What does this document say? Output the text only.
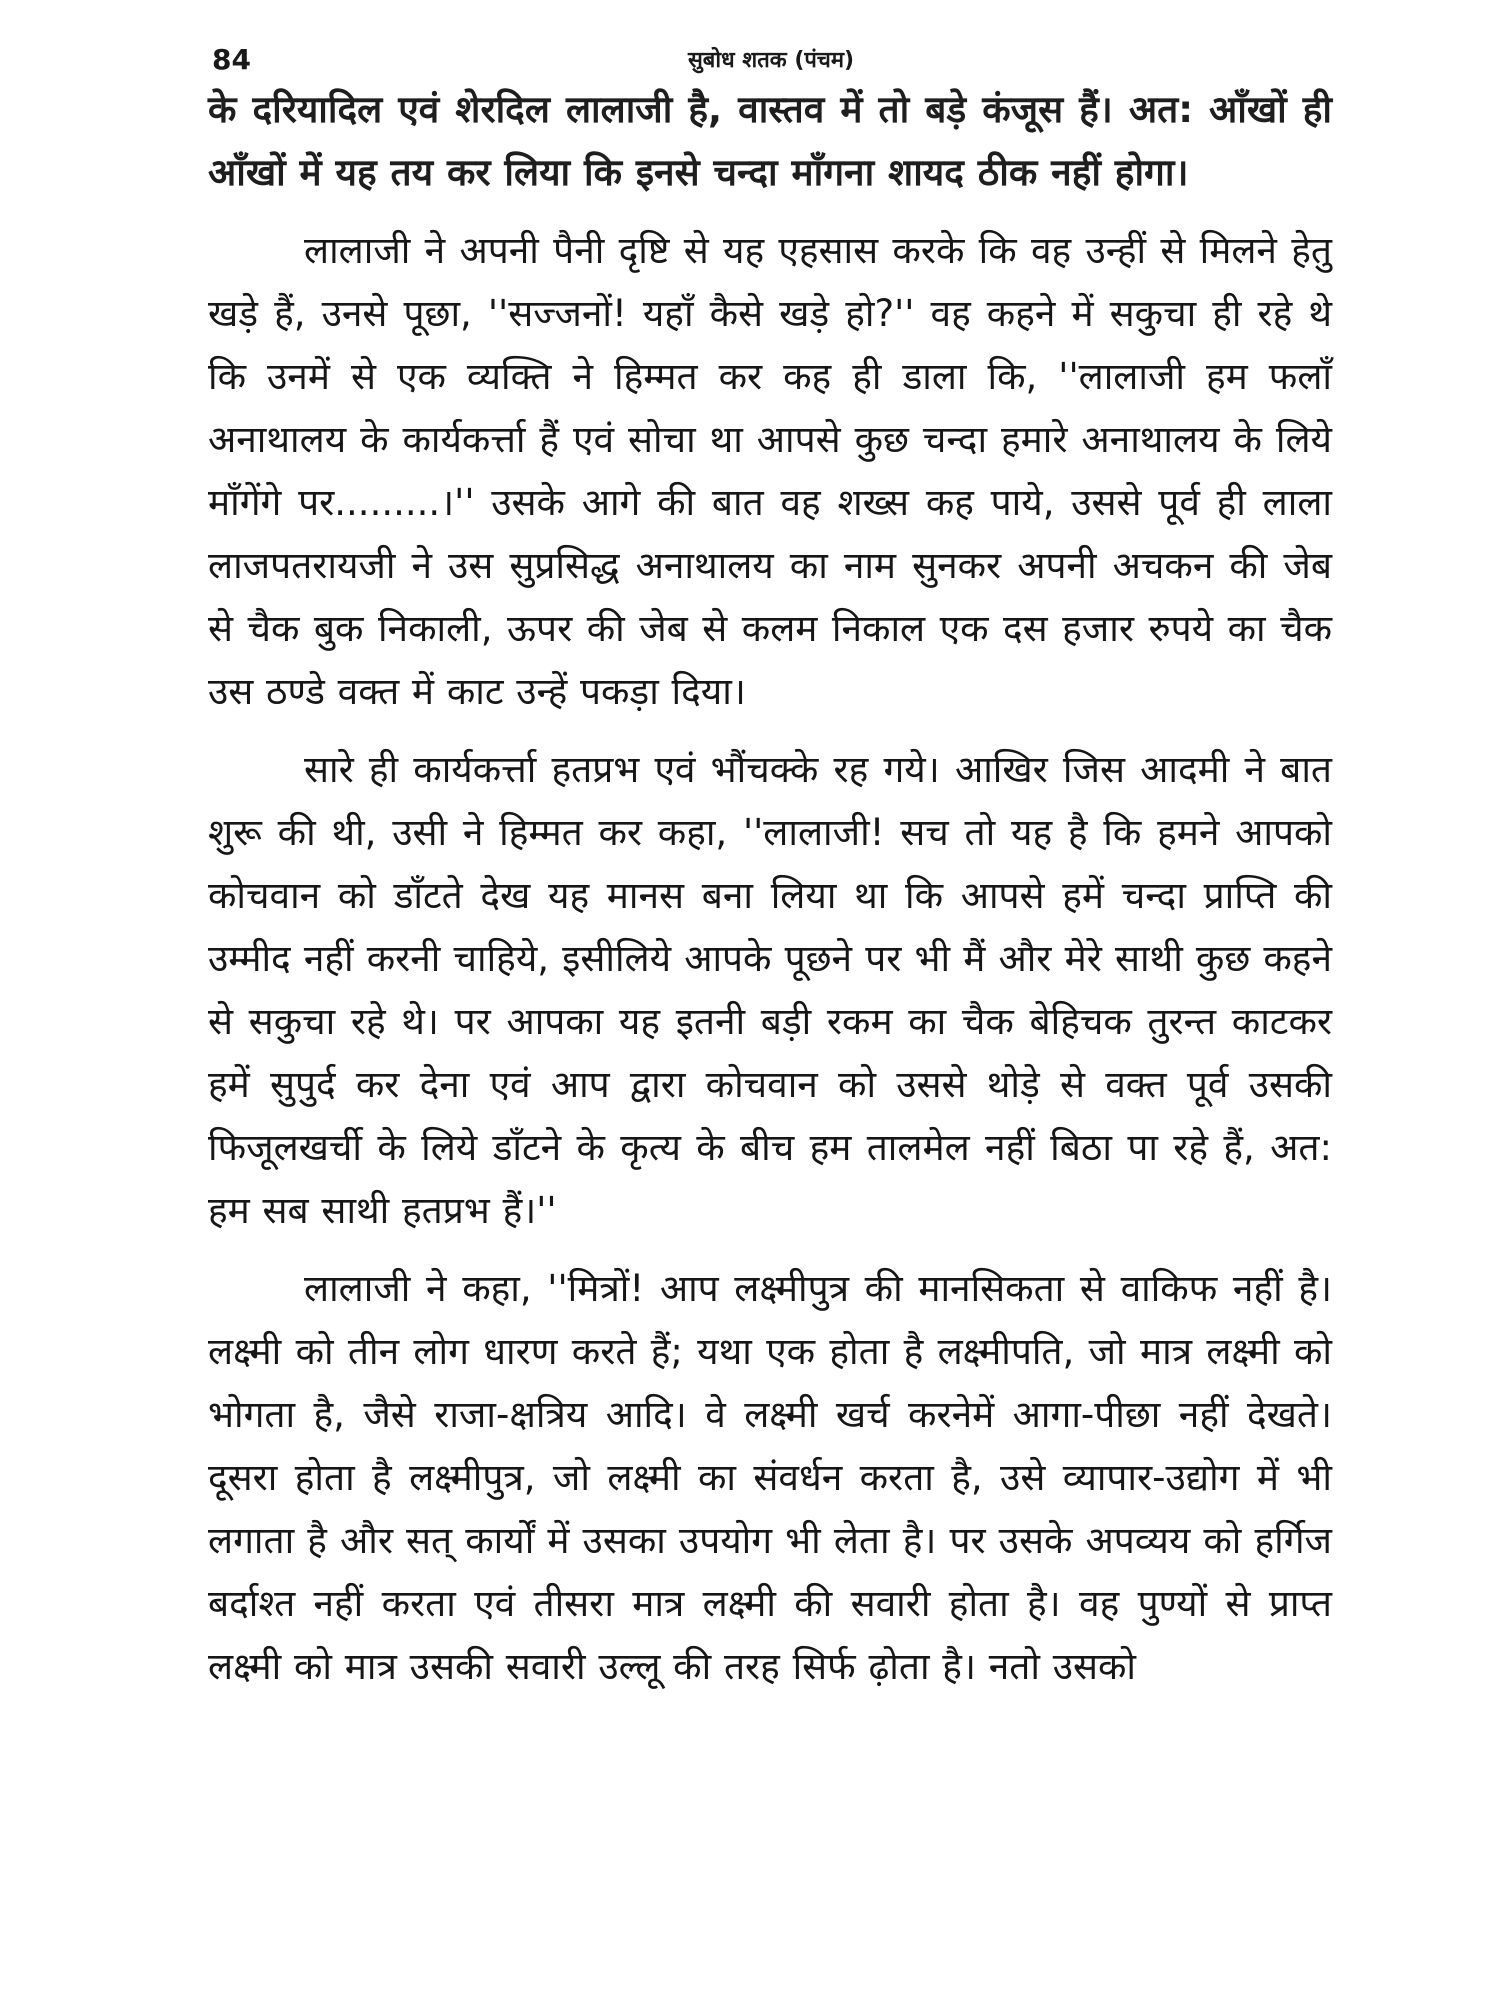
84	सुबोध शतक (पंचम)

के दरियादिल एवं शेरदिल लालाजी है, वास्तव में तो बड़े कंजूस हैं। अत: आँखों ही आँखों में यह तय कर लिया कि इनसे चन्दा माँगना शायद ठीक नहीं होगा।

लालाजी ने अपनी पैनी दृष्टि से यह एहसास करके कि वह उन्हीं से मिलने हेतु खड़े हैं, उनसे पूछा, ''सज्जनों! यहाँ कैसे खड़े हो?'' वह कहने में सकुचा ही रहे थे कि उनमें से एक व्यक्ति ने हिम्मत कर कह ही डाला कि, ''लालाजी हम फलाँ अनाथालय के कार्यकर्त्ता हैं एवं सोचा था आपसे कुछ चन्दा हमारे अनाथालय के लिये माँगेंगे पर.........।'' उसके आगे की बात वह शख्स कह पाये, उससे पूर्व ही लाला लाजपतरायजी ने उस सुप्रसिद्ध अनाथालय का नाम सुनकर अपनी अचकन की जेब से चैक बुक निकाली, ऊपर की जेब से कलम निकाल एक दस हजार रुपये का चैक उस ठण्डे वक्त में काट उन्हें पकड़ा दिया।

सारे ही कार्यकर्त्ता हतप्रभ एवं भौंचक्के रह गये। आखिर जिस आदमी ने बात शुरू की थी, उसी ने हिम्मत कर कहा, ''लालाजी! सच तो यह है कि हमने आपको कोचवान को डाँटते देख यह मानस बना लिया था कि आपसे हमें चन्दा प्राप्ति की उम्मीद नहीं करनी चाहिये, इसीलिये आपके पूछने पर भी मैं और मेरे साथी कुछ कहने से सकुचा रहे थे। पर आपका यह इतनी बड़ी रकम का चैक बेहिचक तुरन्त काटकर हमें सुपुर्द कर देना एवं आप द्वारा कोचवान को उससे थोड़े से वक्त पूर्व उसकी फिजूलखर्ची के लिये डाँटने के कृत्य के बीच हम तालमेल नहीं बिठा पा रहे हैं, अत: हम सब साथी हतप्रभ हैं।''

लालाजी ने कहा, ''मित्रों! आप लक्ष्मीपुत्र की मानसिकता से वाकिफ नहीं है। लक्ष्मी को तीन लोग धारण करते हैं; यथा एक होता है लक्ष्मीपति, जो मात्र लक्ष्मी को भोगता है, जैसे राजा-क्षत्रिय आदि। वे लक्ष्मी खर्च करनेमें आगा-पीछा नहीं देखते। दूसरा होता है लक्ष्मीपुत्र, जो लक्ष्मी का संवर्धन करता है, उसे व्यापार-उद्योग में भी लगाता है और सत् कार्यों में उसका उपयोग भी लेता है। पर उसके अपव्यय को हर्गिज बर्दाश्त नहीं करता एवं तीसरा मात्र लक्ष्मी की सवारी होता है। वह पुण्यों से प्राप्त लक्ष्मी को मात्र उसकी सवारी उल्लू की तरह सिर्फ ढ़ोता है। नतो उसको
